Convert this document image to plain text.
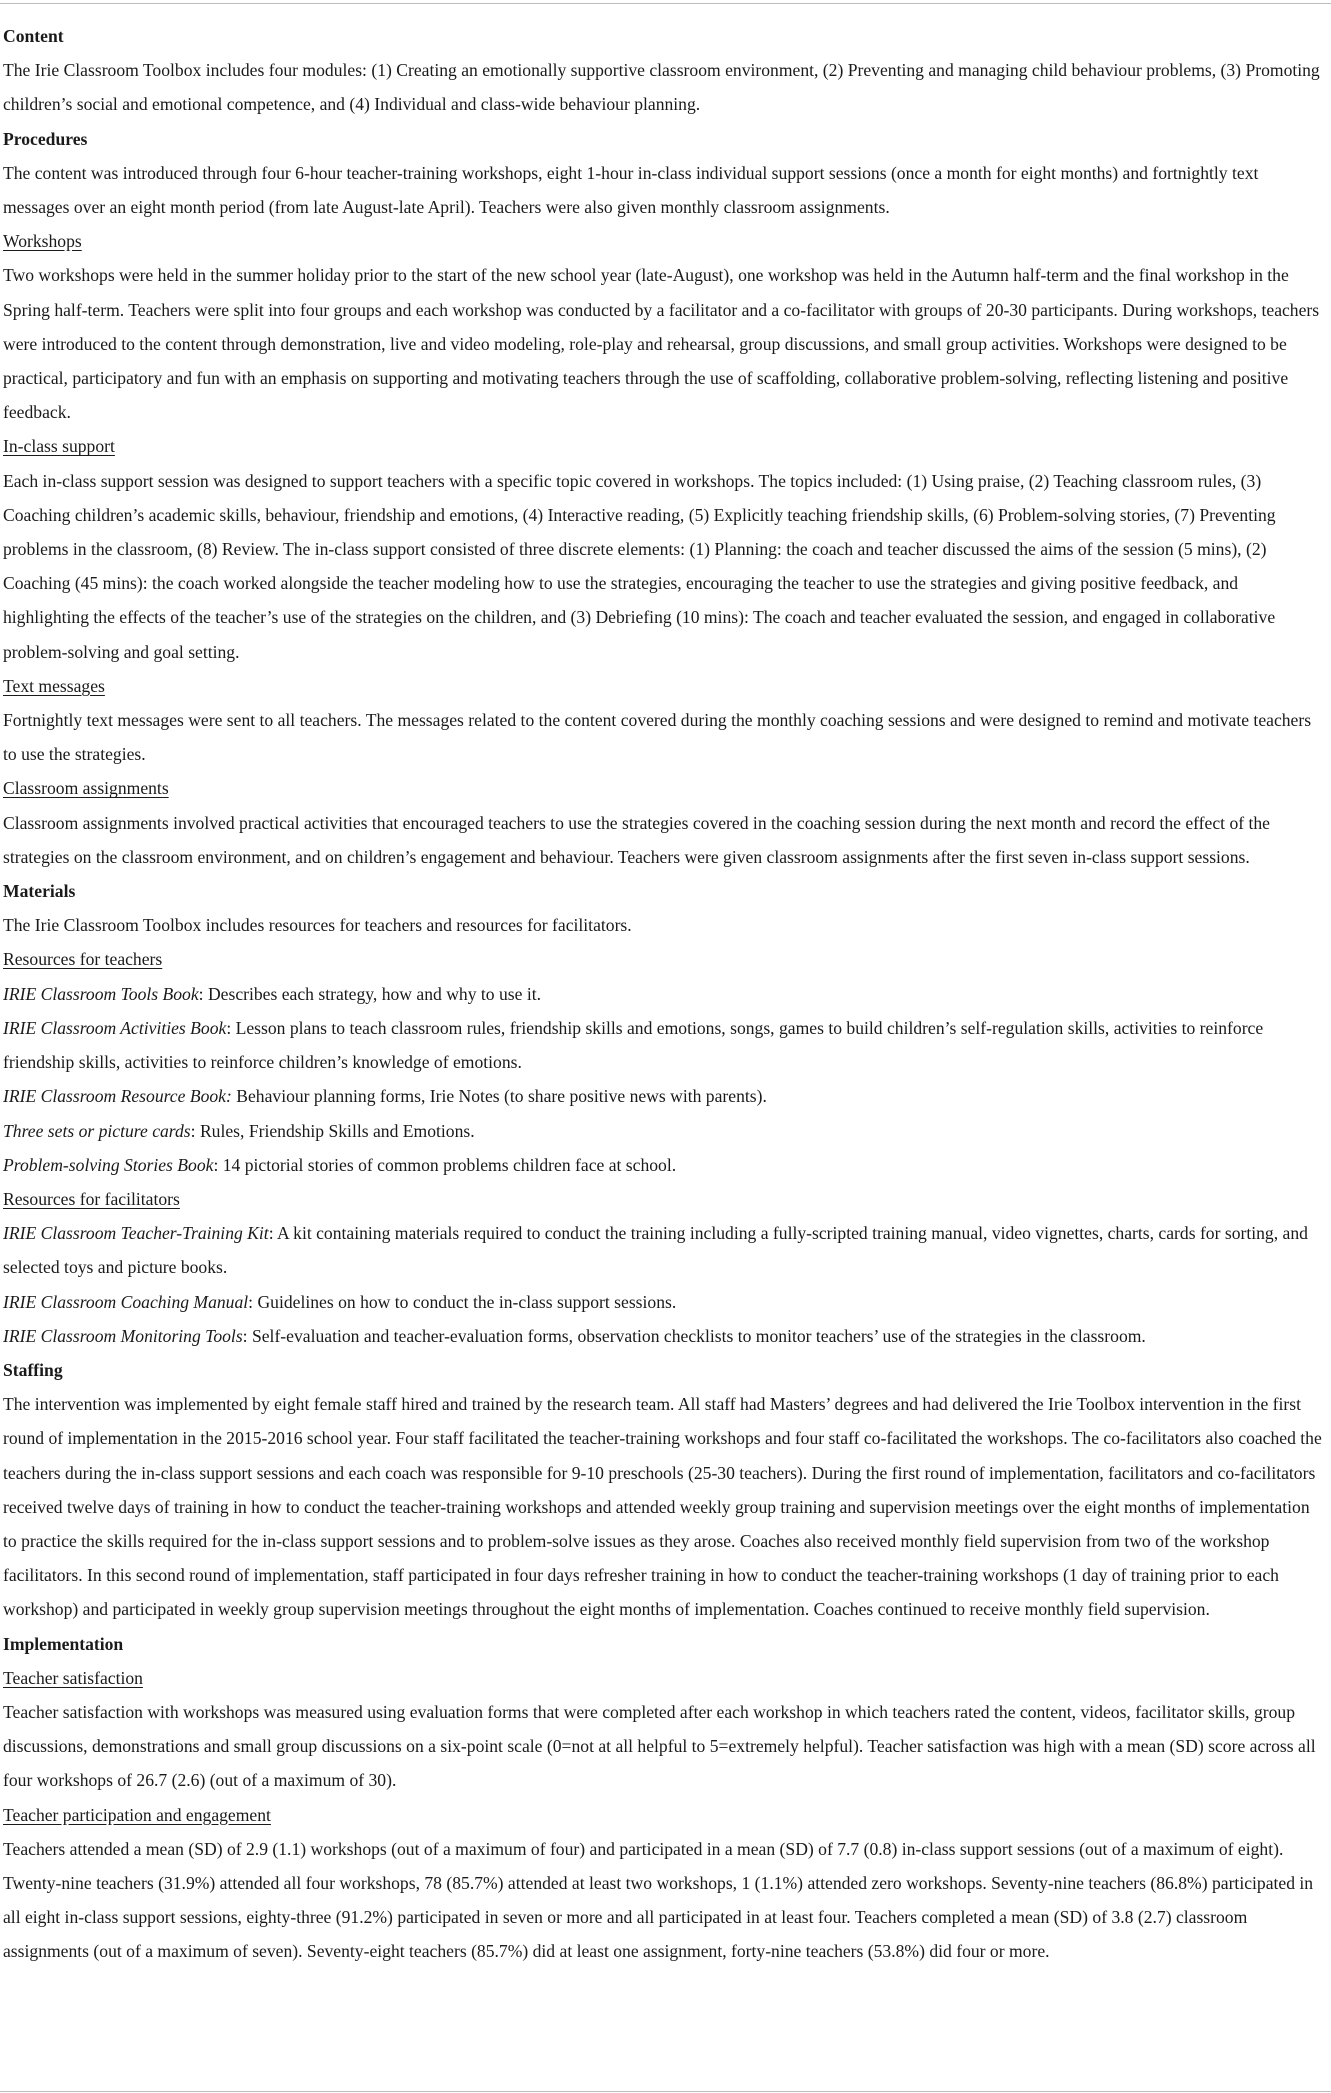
Content

The Irie Classroom Toolbox includes four modules: (1) Creating an emotionally supportive classroom environment, (2) Preventing and managing child behaviour problems, (3) Promoting children’s social and emotional competence, and (4) Individual and class-wide behaviour planning.

Procedures

The content was introduced through four 6-hour teacher-training workshops, eight 1-hour in-class individual support sessions (once a month for eight months) and fortnightly text messages over an eight month period (from late August-late April). Teachers were also given monthly classroom assignments.

Workshops

Two workshops were held in the summer holiday prior to the start of the new school year (late-August), one workshop was held in the Autumn half-term and the final workshop in the Spring half-term. Teachers were split into four groups and each workshop was conducted by a facilitator and a co-facilitator with groups of 20-30 participants. During workshops, teachers were introduced to the content through demonstration, live and video modeling, role-play and rehearsal, group discussions, and small group activities. Workshops were designed to be practical, participatory and fun with an emphasis on supporting and motivating teachers through the use of scaffolding, collaborative problem-solving, reflecting listening and positive feedback.

In-class support

Each in-class support session was designed to support teachers with a specific topic covered in workshops. The topics included: (1) Using praise, (2) Teaching classroom rules, (3) Coaching children’s academic skills, behaviour, friendship and emotions, (4) Interactive reading, (5) Explicitly teaching friendship skills, (6) Problem-solving stories, (7) Preventing problems in the classroom, (8) Review. The in-class support consisted of three discrete elements: (1) Planning: the coach and teacher discussed the aims of the session (5 mins), (2) Coaching (45 mins): the coach worked alongside the teacher modeling how to use the strategies, encouraging the teacher to use the strategies and giving positive feedback, and highlighting the effects of the teacher’s use of the strategies on the children, and (3) Debriefing (10 mins): The coach and teacher evaluated the session, and engaged in collaborative problem-solving and goal setting.

Text messages

Fortnightly text messages were sent to all teachers. The messages related to the content covered during the monthly coaching sessions and were designed to remind and motivate teachers to use the strategies.

Classroom assignments

Classroom assignments involved practical activities that encouraged teachers to use the strategies covered in the coaching session during the next month and record the effect of the strategies on the classroom environment, and on children’s engagement and behaviour. Teachers were given classroom assignments after the first seven in-class support sessions.

Materials

The Irie Classroom Toolbox includes resources for teachers and resources for facilitators.

Resources for teachers

IRIE Classroom Tools Book: Describes each strategy, how and why to use it.

IRIE Classroom Activities Book: Lesson plans to teach classroom rules, friendship skills and emotions, songs, games to build children’s self-regulation skills, activities to reinforce friendship skills, activities to reinforce children’s knowledge of emotions.

IRIE Classroom Resource Book: Behaviour planning forms, Irie Notes (to share positive news with parents).

Three sets or picture cards: Rules, Friendship Skills and Emotions.

Problem-solving Stories Book: 14 pictorial stories of common problems children face at school.

Resources for facilitators

IRIE Classroom Teacher-Training Kit: A kit containing materials required to conduct the training including a fully-scripted training manual, video vignettes, charts, cards for sorting, and selected toys and picture books.

IRIE Classroom Coaching Manual: Guidelines on how to conduct the in-class support sessions.

IRIE Classroom Monitoring Tools: Self-evaluation and teacher-evaluation forms, observation checklists to monitor teachers’ use of the strategies in the classroom.

Staffing

The intervention was implemented by eight female staff hired and trained by the research team. All staff had Masters’ degrees and had delivered the Irie Toolbox intervention in the first round of implementation in the 2015-2016 school year. Four staff facilitated the teacher-training workshops and four staff co-facilitated the workshops. The co-facilitators also coached the teachers during the in-class support sessions and each coach was responsible for 9-10 preschools (25-30 teachers). During the first round of implementation, facilitators and co-facilitators received twelve days of training in how to conduct the teacher-training workshops and attended weekly group training and supervision meetings over the eight months of implementation to practice the skills required for the in-class support sessions and to problem-solve issues as they arose. Coaches also received monthly field supervision from two of the workshop facilitators. In this second round of implementation, staff participated in four days refresher training in how to conduct the teacher-training workshops (1 day of training prior to each workshop) and participated in weekly group supervision meetings throughout the eight months of implementation. Coaches continued to receive monthly field supervision.

Implementation

Teacher satisfaction

Teacher satisfaction with workshops was measured using evaluation forms that were completed after each workshop in which teachers rated the content, videos, facilitator skills, group discussions, demonstrations and small group discussions on a six-point scale (0=not at all helpful to 5=extremely helpful). Teacher satisfaction was high with a mean (SD) score across all four workshops of 26.7 (2.6) (out of a maximum of 30).

Teacher participation and engagement

Teachers attended a mean (SD) of 2.9 (1.1) workshops (out of a maximum of four) and participated in a mean (SD) of 7.7 (0.8) in-class support sessions (out of a maximum of eight). Twenty-nine teachers (31.9%) attended all four workshops, 78 (85.7%) attended at least two workshops, 1 (1.1%) attended zero workshops. Seventy-nine teachers (86.8%) participated in all eight in-class support sessions, eighty-three (91.2%) participated in seven or more and all participated in at least four. Teachers completed a mean (SD) of 3.8 (2.7) classroom assignments (out of a maximum of seven). Seventy-eight teachers (85.7%) did at least one assignment, forty-nine teachers (53.8%) did four or more.
